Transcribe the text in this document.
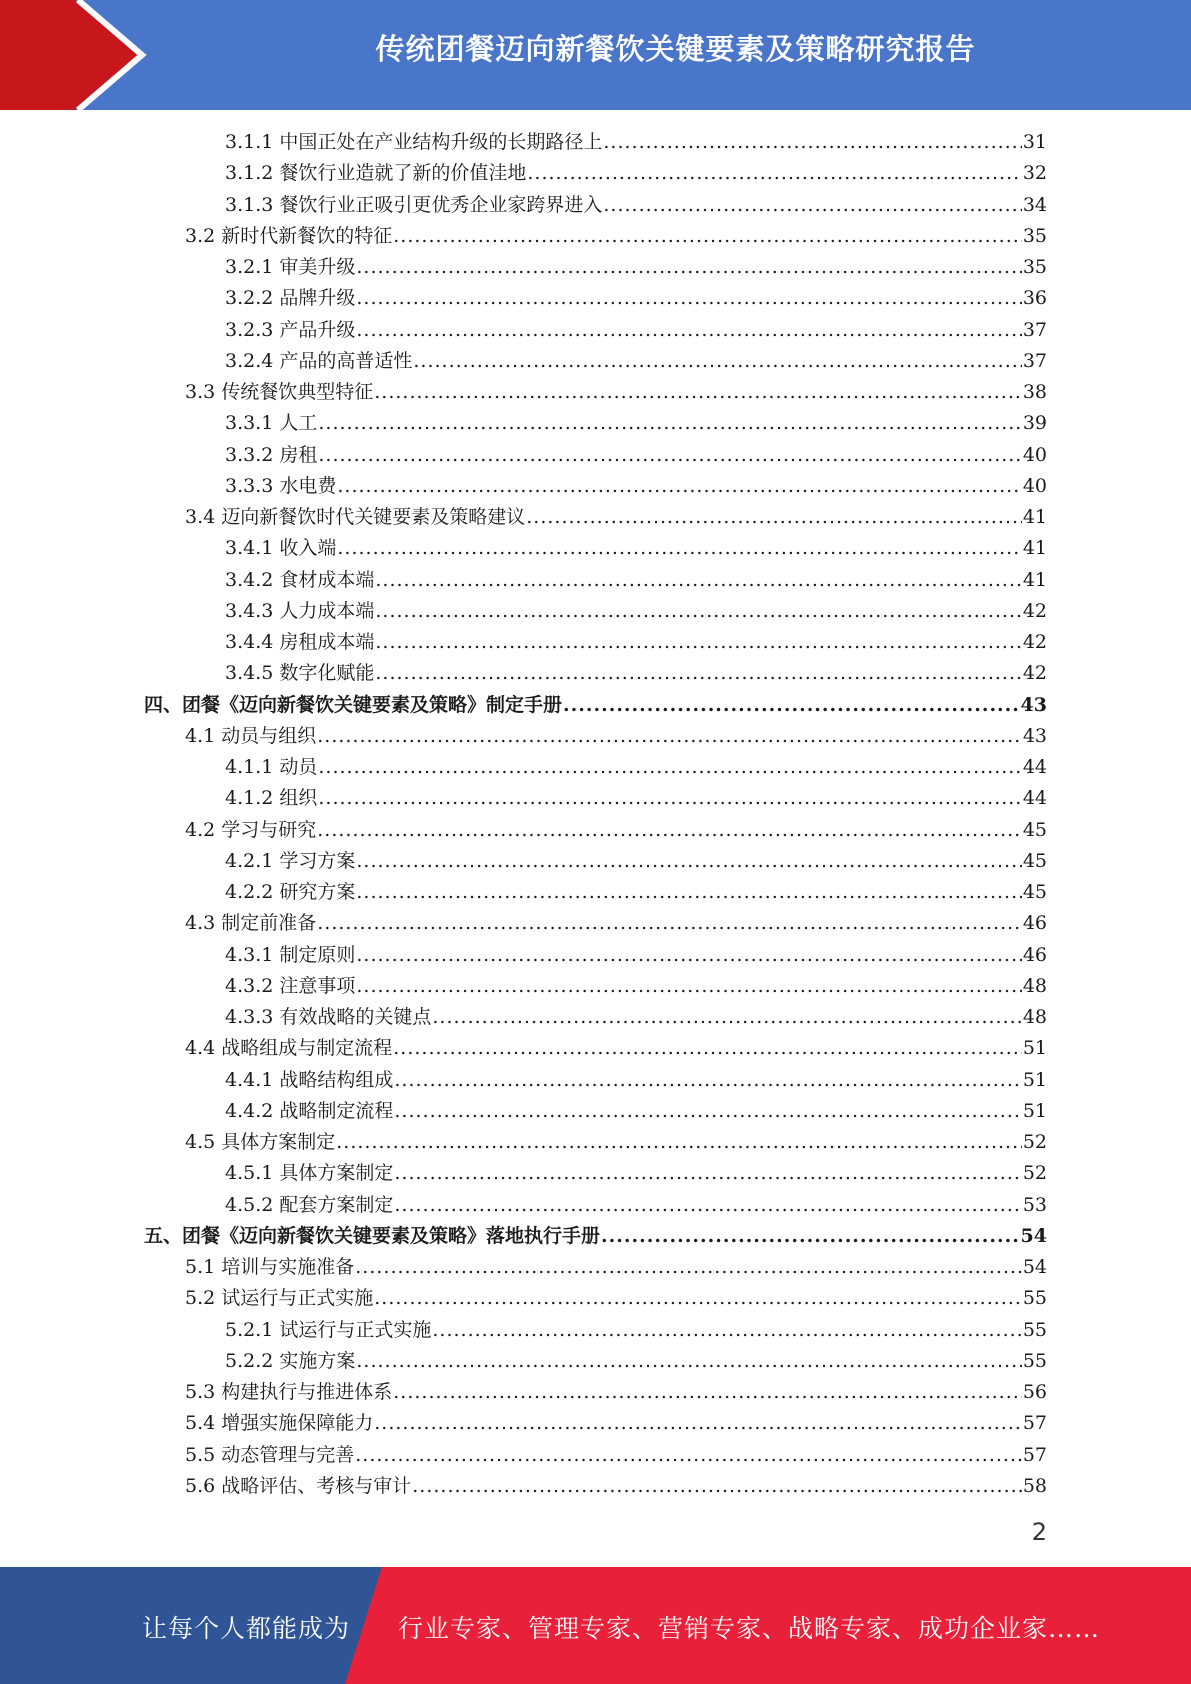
传统团餐迈向新餐饮关键要素及策略研究报告
3.1.1 中国正处在产业结构升级的长期路径上 .....	31
3.1.2 餐饮行业造就了新的价值洼地 .....	32
3.1.3 餐饮行业正吸引更优秀企业家跨界进入 .....	34
3.2 新时代新餐饮的特征 .....	35
3.2.1 审美升级 .....	35
3.2.2 品牌升级 .....	36
3.2.3 产品升级 .....	37
3.2.4 产品的高普适性 .....	37
3.3 传统餐饮典型特征 .....	38
3.3.1 人工 .....	39
3.3.2 房租 .....	40
3.3.3 水电费 .....	40
3.4 迈向新餐饮时代关键要素及策略建议 .....	41
3.4.1 收入端 .....	41
3.4.2 食材成本端 .....	41
3.4.3 人力成本端 .....	42
3.4.4 房租成本端 .....	42
3.4.5 数字化赋能 .....	42
四、团餐《迈向新餐饮关键要素及策略》制定手册 .....	43
4.1 动员与组织 .....	43
4.1.1 动员 .....	44
4.1.2 组织 .....	44
4.2 学习与研究 .....	45
4.2.1 学习方案 .....	45
4.2.2 研究方案 .....	45
4.3 制定前准备 .....	46
4.3.1 制定原则 .....	46
4.3.2 注意事项 .....	48
4.3.3 有效战略的关键点 .....	48
4.4 战略组成与制定流程 .....	51
4.4.1 战略结构组成 .....	51
4.4.2 战略制定流程 .....	51
4.5 具体方案制定 .....	52
4.5.1 具体方案制定 .....	52
4.5.2 配套方案制定 .....	53
五、团餐《迈向新餐饮关键要素及策略》落地执行手册 .....	54
5.1 培训与实施准备 .....	54
5.2 试运行与正式实施 .....	55
5.2.1 试运行与正式实施 .....	55
5.2.2 实施方案 .....	55
5.3 构建执行与推进体系 .....	56
5.4 增强实施保障能力 .....	57
5.5 动态管理与完善 .....	57
5.6 战略评估、考核与审计 .....	58
2
让每个人都能成为 行业专家、管理专家、营销专家、战略专家、成功企业家……
